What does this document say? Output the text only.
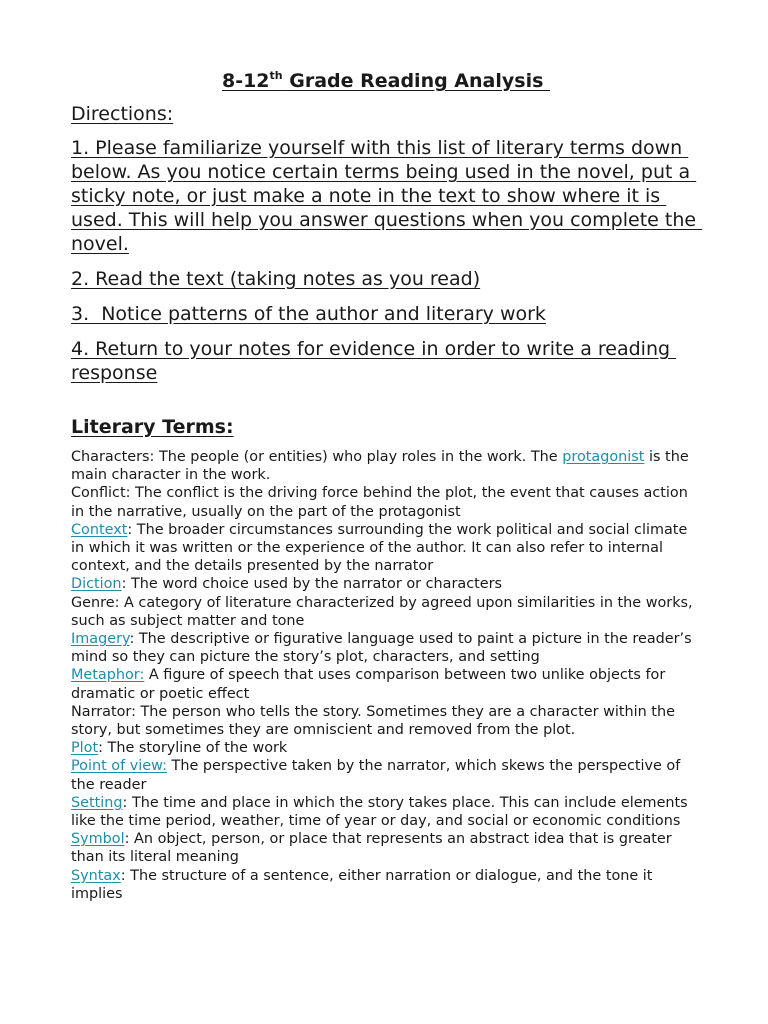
8-12th Grade Reading Analysis
Directions:
1. Please familiarize yourself with this list of literary terms down below. As you notice certain terms being used in the novel, put a sticky note, or just make a note in the text to show where it is used. This will help you answer questions when you complete the novel.
2. Read the text (taking notes as you read)
3.  Notice patterns of the author and literary work
4. Return to your notes for evidence in order to write a reading response
Literary Terms:

Characters: The people (or entities) who play roles in the work. The protagonist is the main character in the work.

Conflict: The conflict is the driving force behind the plot, the event that causes action in the narrative, usually on the part of the protagonist

Context: The broader circumstances surrounding the work political and social climate in which it was written or the experience of the author. It can also refer to internal context, and the details presented by the narrator

Diction: The word choice used by the narrator or characters

Genre: A category of literature characterized by agreed upon similarities in the works, such as subject matter and tone

Imagery: The descriptive or figurative language used to paint a picture in the reader’s mind so they can picture the story’s plot, characters, and setting

Metaphor: A figure of speech that uses comparison between two unlike objects for dramatic or poetic effect

Narrator: The person who tells the story. Sometimes they are a character within the story, but sometimes they are omniscient and removed from the plot.

Plot: The storyline of the work

Point of view: The perspective taken by the narrator, which skews the perspective of the reader

Setting: The time and place in which the story takes place. This can include elements like the time period, weather, time of year or day, and social or economic conditions

Symbol: An object, person, or place that represents an abstract idea that is greater than its literal meaning

Syntax: The structure of a sentence, either narration or dialogue, and the tone it implies
